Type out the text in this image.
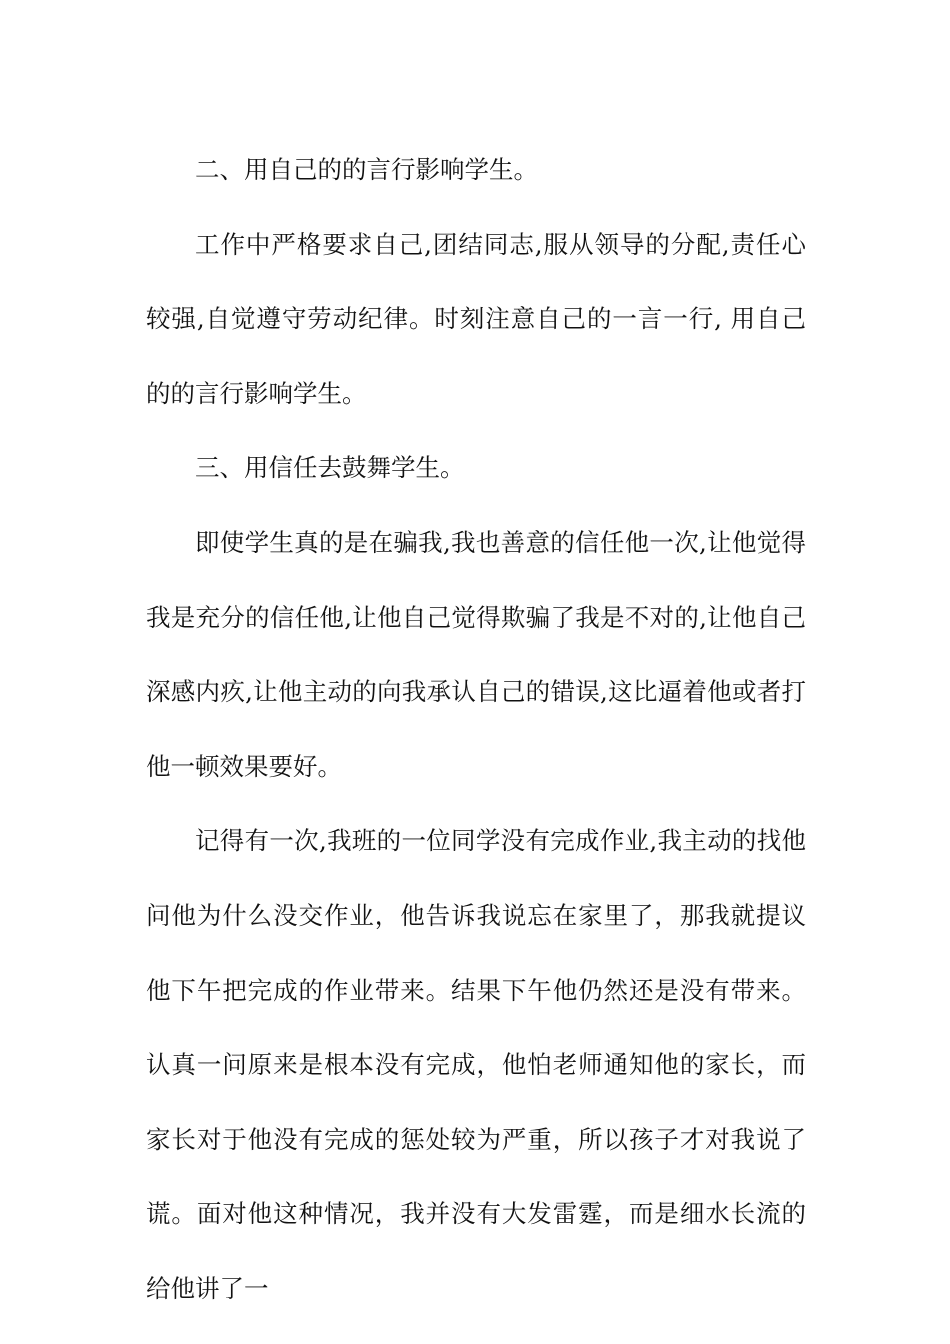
二、用自己的的言行影响学生。

工作中严格要求自己,团结同志,服从领导的分配,责任心较强,自觉遵守劳动纪律。时刻注意自己的一言一行, 用自己的的言行影响学生。

三、用信任去鼓舞学生。

即使学生真的是在骗我,我也善意的信任他一次,让他觉得我是充分的信任他,让他自己觉得欺骗了我是不对的,让他自己深感内疚,让他主动的向我承认自己的错误,这比逼着他或者打他一顿效果要好。

记得有一次,我班的一位同学没有完成作业,我主动的找他问他为什么没交作业，他告诉我说忘在家里了，那我就提议他下午把完成的作业带来。结果下午他仍然还是没有带来。认真一问原来是根本没有完成，他怕老师通知他的家长，而家长对于他没有完成的惩处较为严重，所以孩子才对我说了谎。面对他这种情况，我并没有大发雷霆，而是细水长流的给他讲了一
